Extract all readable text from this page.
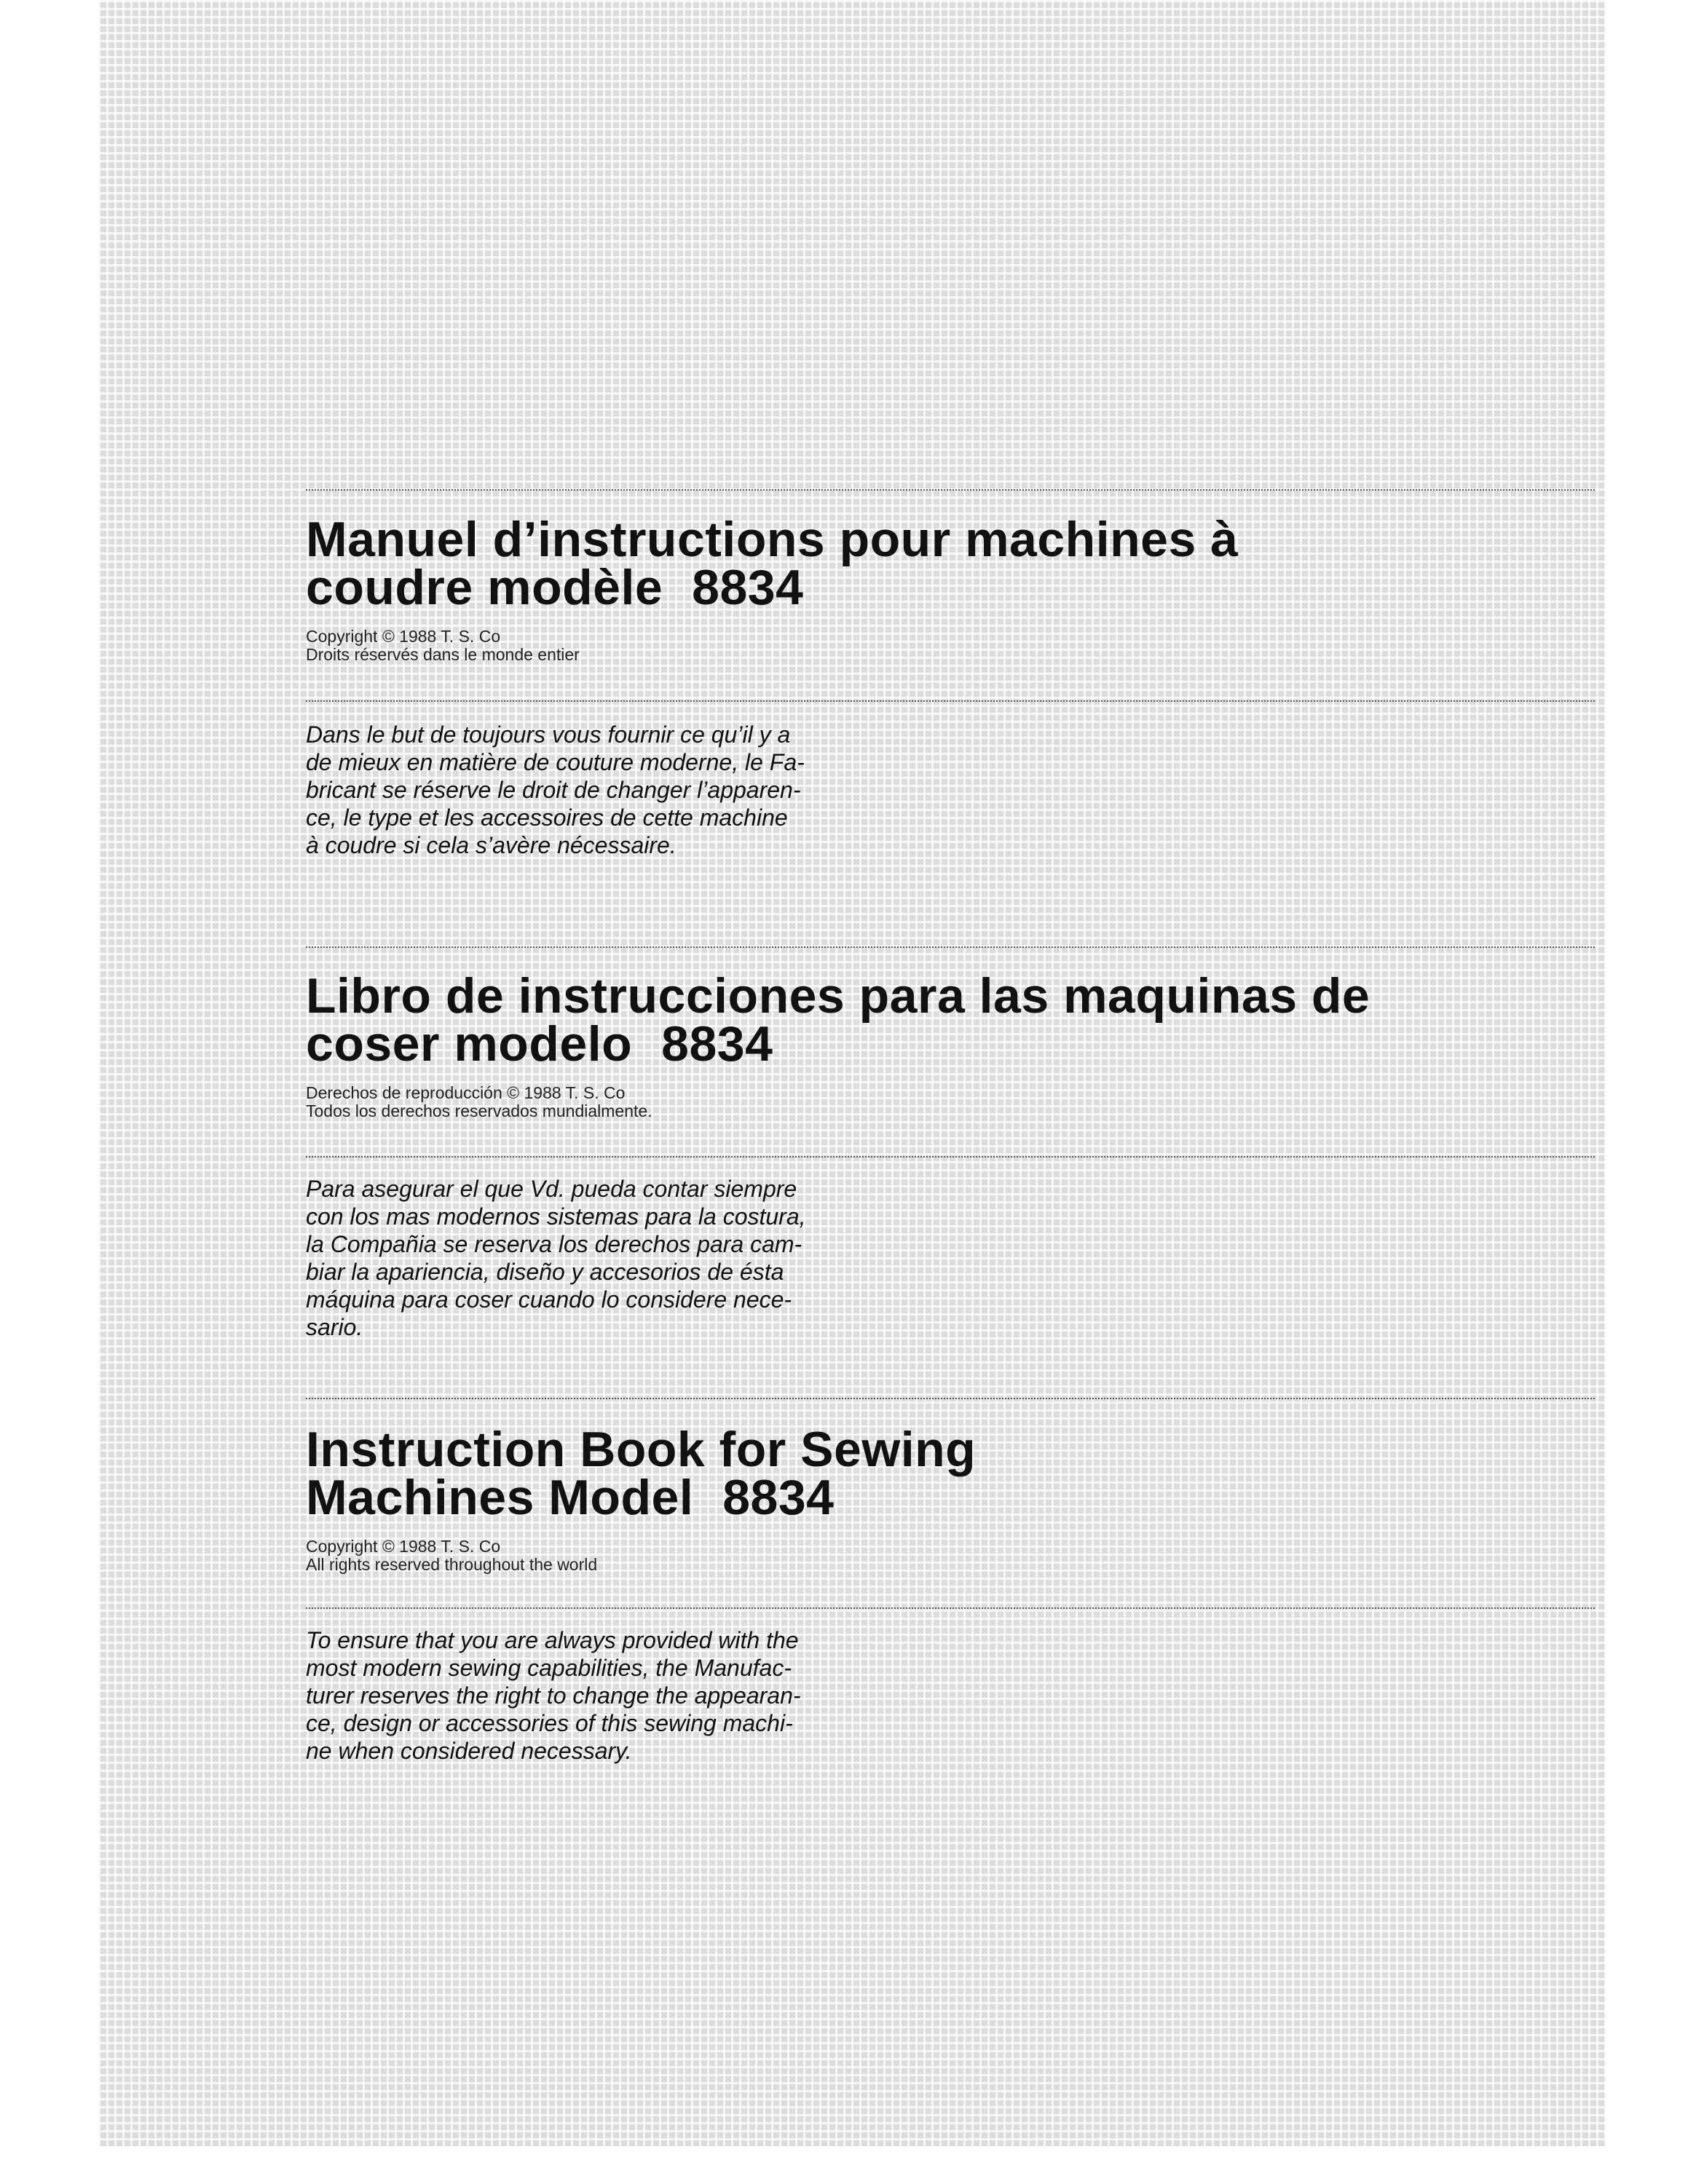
Manuel d’instructions pour machines à
coudre modèle 8834
Copyright © 1988 T. S. Co
Droits réservés dans le monde entier
Dans le but de toujours vous fournir ce qu’il y a
de mieux en matière de couture moderne, le Fa-
bricant se réserve le droit de changer l’apparen-
ce, le type et les accessoires de cette machine
à coudre si cela s’avère nécessaire.
Libro de instrucciones para las maquinas de
coser modelo 8834
Derechos de reproducción © 1988 T. S. Co
Todos los derechos reservados mundialmente.
Para asegurar el que Vd. pueda contar siempre
con los mas modernos sistemas para la costura,
la Compañia se reserva los derechos para cam-
biar la apariencia, diseño y accesorios de ésta
máquina para coser cuando lo considere nece-
sario.
Instruction Book for Sewing
Machines Model 8834
Copyright © 1988 T. S. Co
All rights reserved throughout the world
To ensure that you are always provided with the
most modern sewing capabilities, the Manufac-
turer reserves the right to change the appearan-
ce, design or accessories of this sewing machi-
ne when considered necessary.
